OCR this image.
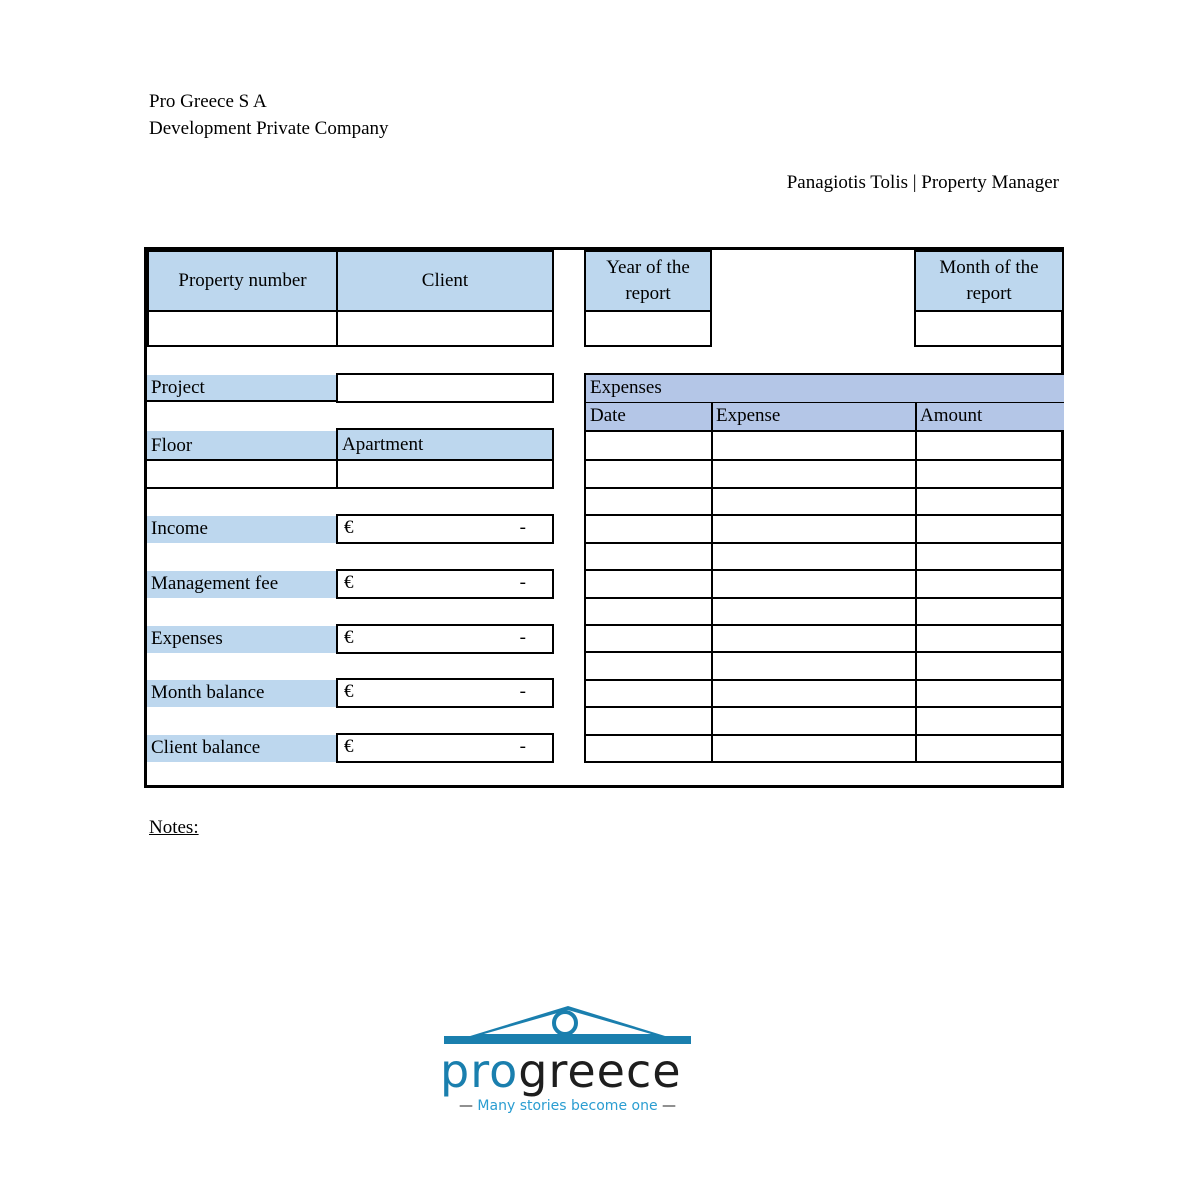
Pro Greece S A
Development Private Company
Panagiotis Tolis | Property Manager
Property number	Client
Year of the report
Month of the report
Project
Floor	Apartment
Income	€	-
Management fee	€	-
Expenses	€	-
Month balance	€	-
Client balance	€	-
Expenses
Date	Expense	Amount
Notes:
progreece
— Many stories become one —
